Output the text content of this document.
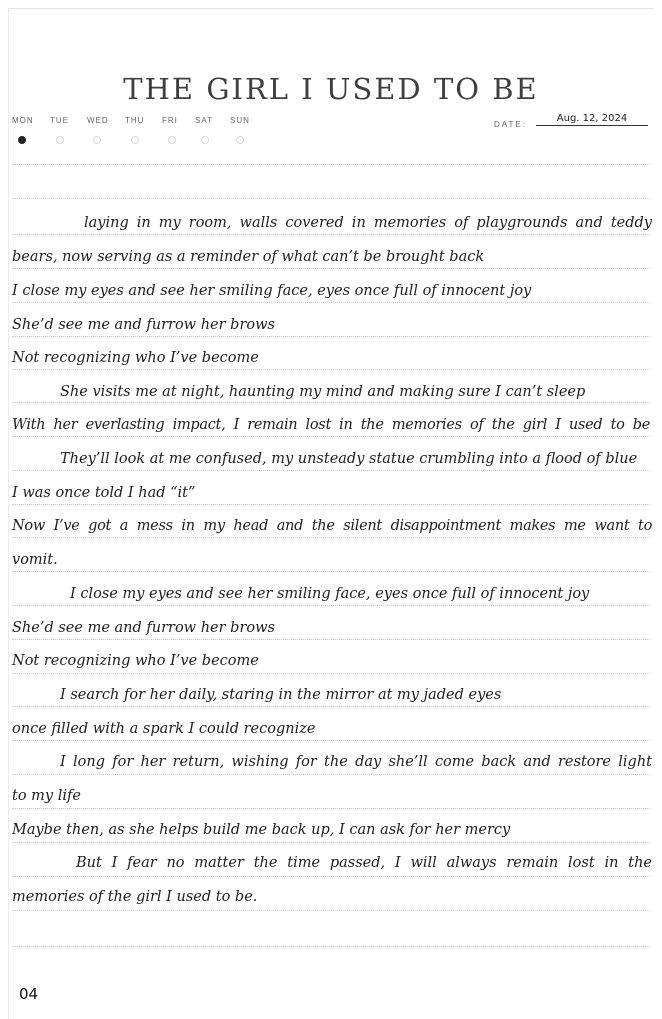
THE GIRL I USED TO BE
MON	TUE	WED	THU	FRI	SAT	SUN	DATE:
Aug. 12, 2024
laying in my room, walls covered in memories of playgrounds and teddy
bears, now serving as a reminder of what can’t be brought back
I close my eyes and see her smiling face, eyes once full of innocent joy
She’d see me and furrow her brows
Not recognizing who I’ve become
She visits me at night, haunting my mind and making sure I can’t sleep
With her everlasting impact, I remain lost in the memories of the girl I used to be
They’ll look at me confused, my unsteady statue crumbling into a flood of blue
I was once told I had “it”
Now I’ve got a mess in my head and the silent disappointment makes me want to
vomit.
I close my eyes and see her smiling face, eyes once full of innocent joy
She’d see me and furrow her brows
Not recognizing who I’ve become
I search for her daily, staring in the mirror at my jaded eyes
once filled with a spark I could recognize
I long for her return, wishing for the day she’ll come back and restore light
to my life
Maybe then, as she helps build me back up, I can ask for her mercy
But I fear no matter the time passed, I will always remain lost in the
memories of the girl I used to be.
04
